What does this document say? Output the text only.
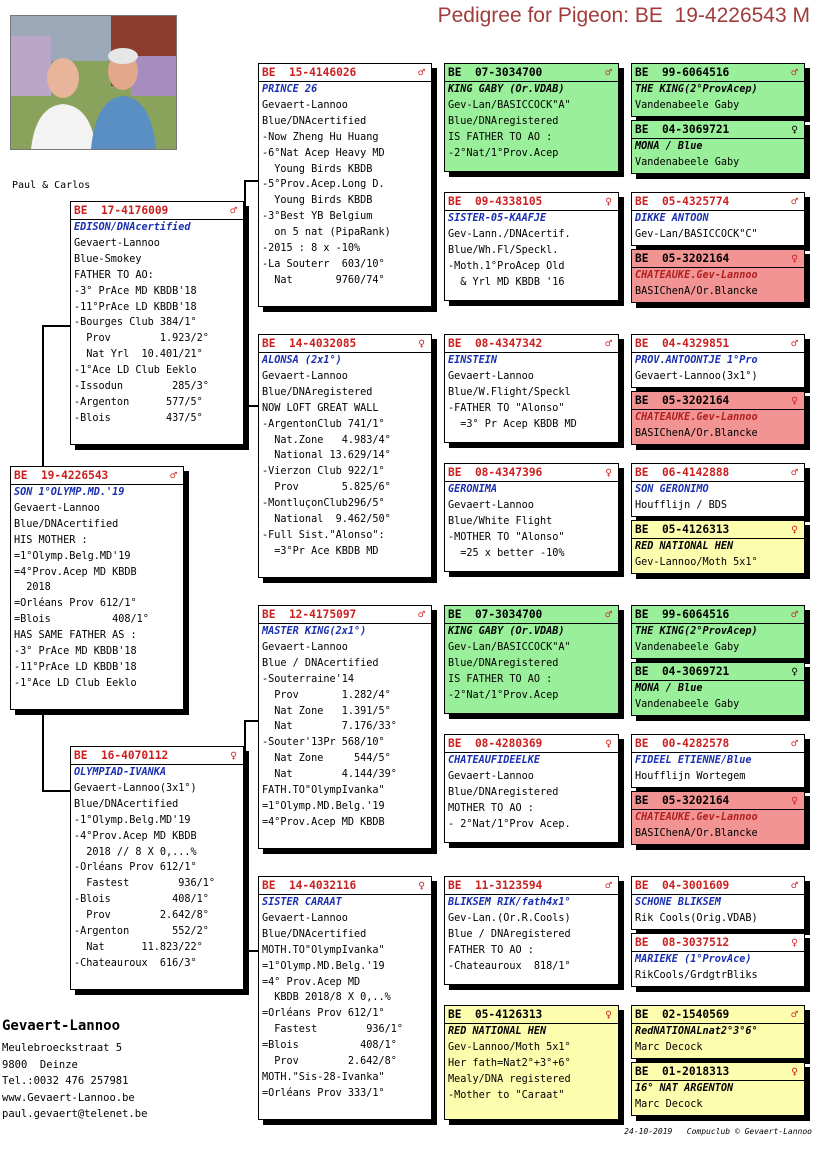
Pedigree for Pigeon: BE  19-4226543 M
Paul & Carlos
BE  19-4226543	♂
SON 1°OLYMP.MD.'19
Gevaert-Lannoo
Blue/DNAcertified
HIS MOTHER :
=1°Olymp.Belg.MD'19
=4°Prov.Acep MD KBDB
2018
=Orléans Prov 612/1°
=Blois          408/1°
HAS SAME FATHER AS :
-3° PrAce MD KBDB'18
-11°PrAce LD KBDB'18
-1°Ace LD Club Eeklo
BE  17-4176009	♂
EDISON/DNAcertified
Gevaert-Lannoo
Blue-Smokey
FATHER TO AO:
-3° PrAce MD KBDB'18
-11°PrAce LD KBDB'18
-Bourges Club 384/1°
Prov        1.923/2°
Nat Yrl  10.401/21°
-1°Ace LD Club Eeklo
-Issodun        285/3°
-Argenton      577/5°
-Blois         437/5°
BE  16-4070112	♀
OLYMPIAD-IVANKA
Gevaert-Lannoo(3x1°)
Blue/DNAcertified
-1°Olymp.Belg.MD'19
-4°Prov.Acep MD KBDB
2018 // 8 X 0,...%
-Orléans Prov 612/1°
Fastest        936/1°
-Blois          408/1°
Prov        2.642/8°
-Argenton       552/2°
Nat      11.823/22°
-Chateauroux  616/3°
BE  15-4146026	♂
PRINCE 26
Gevaert-Lannoo
Blue/DNAcertified
-Now Zheng Hu Huang
-6°Nat Acep Heavy MD
Young Birds KBDB
-5°Prov.Acep.Long D.
Young Birds KBDB
-3°Best YB Belgium
on 5 nat (PipaRank)
-2015 : 8 x -10%
-La Souterr  603/10°
Nat       9760/74°
BE  14-4032085	♀
ALONSA (2x1°)
Gevaert-Lannoo
Blue/DNAregistered
NOW LOFT GREAT WALL
-ArgentonClub 741/1°
Nat.Zone   4.983/4°
National 13.629/14°
-Vierzon Club 922/1°
Prov       5.825/6°
-MontluçonClub296/5°
National  9.462/50°
-Full Sist."Alonso":
=3°Pr Ace KBDB MD
BE  12-4175097	♂
MASTER KING(2x1°)
Gevaert-Lannoo
Blue / DNAcertified
-Souterraine'14
Prov       1.282/4°
Nat Zone   1.391/5°
Nat        7.176/33°
-Souter'13Pr 568/10°
Nat Zone     544/5°
Nat        4.144/39°
FATH.TO"OlympIvanka"
=1°Olymp.MD.Belg.'19
=4°Prov.Acep MD KBDB
BE  14-4032116	♀
SISTER CARAAT
Gevaert-Lannoo
Blue/DNAcertified
MOTH.TO"OlympIvanka"
=1°Olymp.MD.Belg.'19
=4° Prov.Acep MD
KBDB 2018/8 X 0,..%
=Orléans Prov 612/1°
Fastest        936/1°
=Blois          408/1°
Prov        2.642/8°
MOTH."Sis-28-Ivanka"
=Orléans Prov 333/1°
BE  07-3034700	♂
KING GABY (Or.VDAB)
Gev-Lan/BASICCOCK"A"
Blue/DNAregistered
IS FATHER TO AO :
-2°Nat/1°Prov.Acep
BE  09-4338105	♀
SISTER-05-KAAFJE
Gev-Lann./DNAcertif.
Blue/Wh.Fl/Speckl.
-Moth.1°ProAcep Old
& Yrl MD KBDB '16
BE  08-4347342	♂
EINSTEIN
Gevaert-Lannoo
Blue/W.Flight/Speckl
-FATHER TO "Alonso"
=3° Pr Acep KBDB MD
BE  08-4347396	♀
GERONIMA
Gevaert-Lannoo
Blue/White Flight
-MOTHER TO "Alonso"
=25 x better -10%
BE  07-3034700	♂
KING GABY (Or.VDAB)
Gev-Lan/BASICCOCK"A"
Blue/DNAregistered
IS FATHER TO AO :
-2°Nat/1°Prov.Acep
BE  08-4280369	♀
CHATEAUFIDEELKE
Gevaert-Lannoo
Blue/DNAregistered
MOTHER TO AO :
- 2°Nat/1°Prov Acep.
BE  11-3123594	♂
BLIKSEM RIK/fath4x1°
Gev-Lan.(Or.R.Cools)
Blue / DNAregistered
FATHER TO AO :
-Chateauroux  818/1°
BE  05-4126313	♀
RED NATIONAL HEN
Gev-Lannoo/Moth 5x1°
Her fath=Nat2°+3°+6°
Mealy/DNA registered
-Mother to "Caraat"
BE  99-6064516	♂
THE KING(2°ProvAcep)
Vandenabeele Gaby
BE  04-3069721	♀
MONA / Blue
Vandenabeele Gaby
BE  05-4325774	♂
DIKKE ANTOON
Gev-Lan/BASICCOCK"C"
BE  05-3202164	♀
CHATEAUKE.Gev-Lannoo
BASIChenA/Or.Blancke
BE  04-4329851	♂
PROV.ANTOONTJE 1°Pro
Gevaert-Lannoo(3x1°)
BE  05-3202164	♀
CHATEAUKE.Gev-Lannoo
BASIChenA/Or.Blancke
BE  06-4142888	♂
SON GERONIMO
Houfflijn / BDS
BE  05-4126313	♀
RED NATIONAL HEN
Gev-Lannoo/Moth 5x1°
BE  99-6064516	♂
THE KING(2°ProvAcep)
Vandenabeele Gaby
BE  04-3069721	♀
MONA / Blue
Vandenabeele Gaby
BE  00-4282578	♂
FIDEEL ETIENNE/Blue
Houfflijn Wortegem
BE  05-3202164	♀
CHATEAUKE.Gev-Lannoo
BASIChenA/Or.Blancke
BE  04-3001609	♂
SCHONE BLIKSEM
Rik Cools(Orig.VDAB)
BE  08-3037512	♀
MARIEKE (1°ProvAce)
RikCools/GrdgtrBliks
BE  02-1540569	♂
RedNATIONALnat2°3°6°
Marc Decock
BE  01-2018313	♀
16° NAT ARGENTON
Marc Decock
Gevaert-Lannoo
Meulebroeckstraat 5
9800  Deinze
Tel.:0032 476 257981
www.Gevaert-Lannoo.be
paul.gevaert@telenet.be
24-10-2019   Compuclub © Gevaert-Lannoo
